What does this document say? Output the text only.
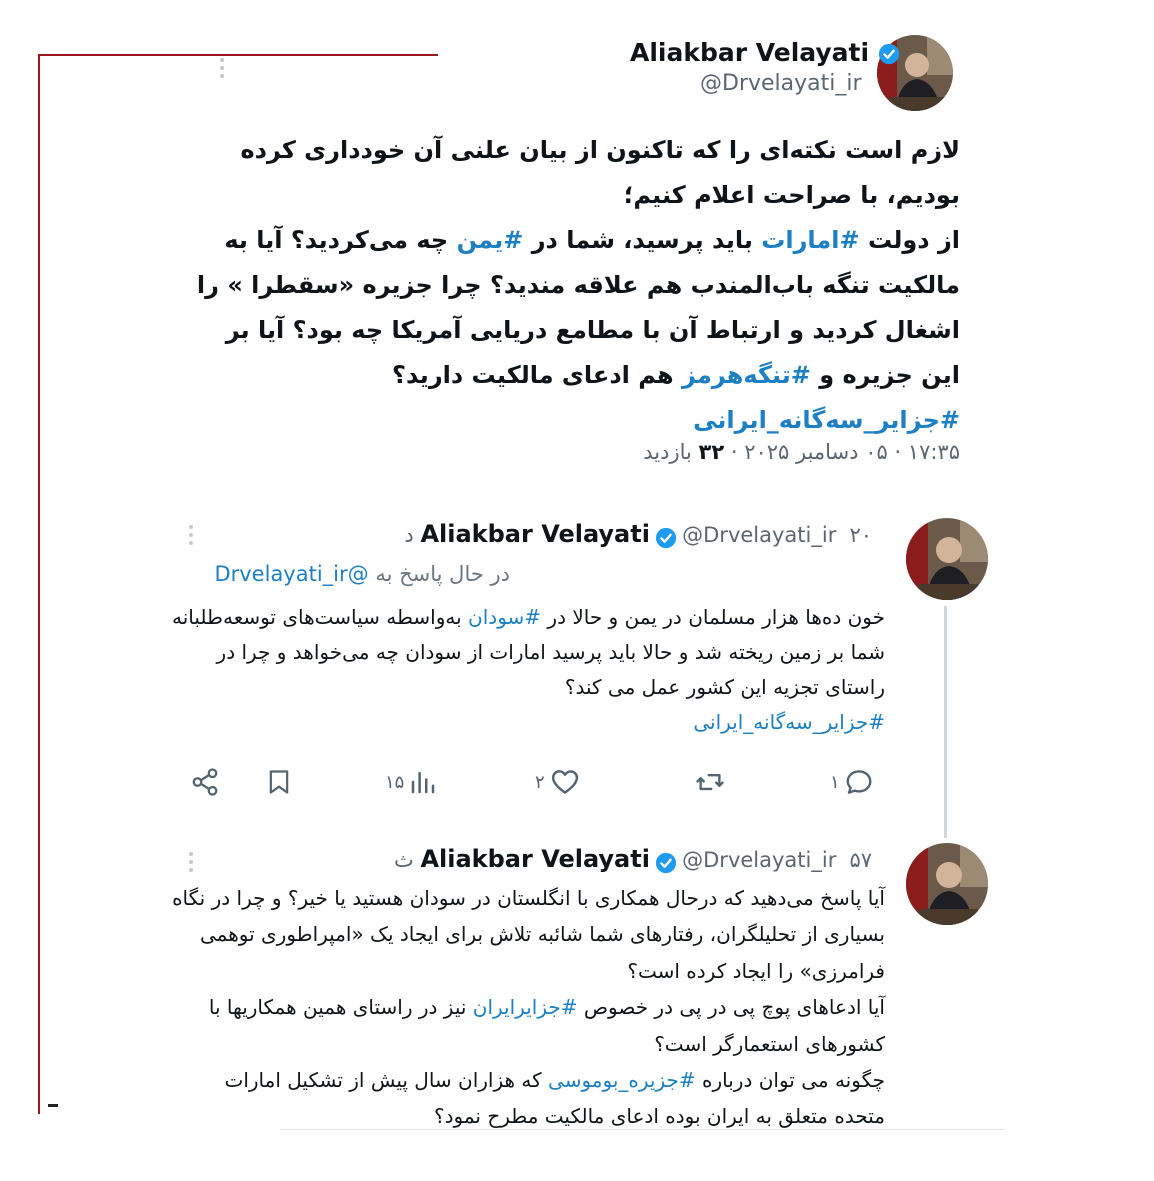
Aliakbar Velayati
@Drvelayati_ir

لازم است نکته‌ای را که تاکنون از بیان علنی آن خودداری کرده بودیم، با صراحت اعلام کنیم؛

از دولت #امارات باید پرسید، شما در #یمن چه می‌کردید؟ آیا به مالکیت تنگه باب‌المندب هم علاقه مندید؟ چرا جزیره «سقطرا » را اشغال کردید و ارتباط آن با مطامع دریایی آمریکا چه بود؟ آیا بر این جزیره و #تنگه‌هرمز هم ادعای مالکیت دارید؟

#جزایر_سه‌گانه_ایرانی

۱۷:۳۵ · ۰۵ دسامبر ۲۰۲۵ · ۳۲ بازدید
Aliakbar Velayati @Drvelayati_ir ۲۰ د
در حال پاسخ به @Drvelayati_ir

خون ده‌ها هزار مسلمان در یمن و حالا در #سودان به‌واسطه سیاست‌های توسعه‌طلبانه شما بر زمین ریخته شد و حالا باید پرسید امارات از سودان چه می‌خواهد و چرا در راستای تجزیه این کشور عمل می کند؟

#جزایر_سه‌گانه_ایرانی

۱۵	۲	۱
Aliakbar Velayati @Drvelayati_ir ۵۷ ث

آیا پاسخ می‌دهید که درحال همکاری با انگلستان در سودان هستید یا خیر؟ و چرا در نگاه بسیاری از تحلیلگران، رفتارهای شما شائبه تلاش برای ایجاد یک «امپراطوری توهمی فرامرزی» را ایجاد کرده است؟

آیا ادعاهای پوچ پی در پی در خصوص #جزایرایران نیز در راستای همین همکاریها با کشورهای استعمارگر است؟

چگونه می توان درباره #جزیره_بوموسی که هزاران سال پیش از تشکیل امارات متحده متعلق به ایران بوده ادعای مالکیت مطرح نمود؟
